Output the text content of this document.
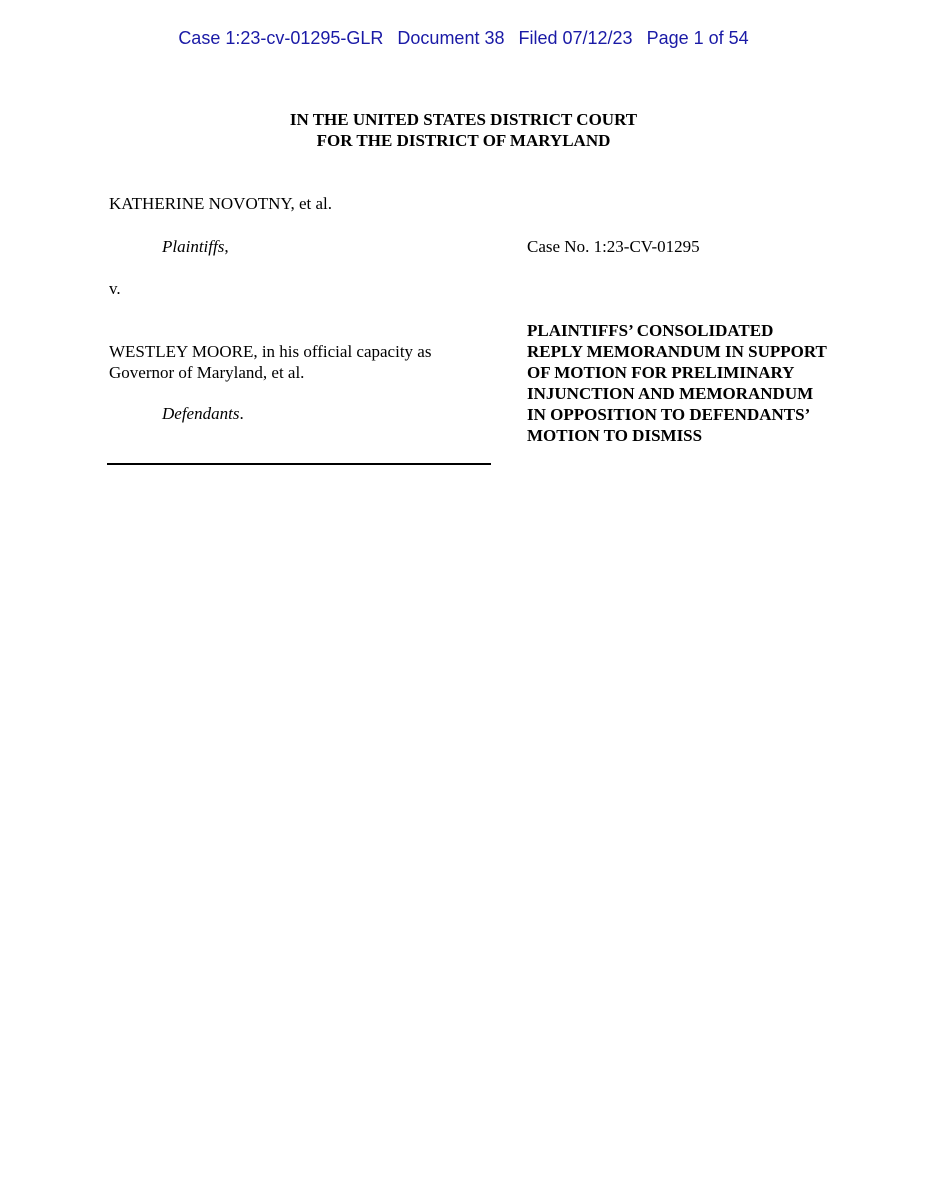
Case 1:23-cv-01295-GLR Document 38 Filed 07/12/23 Page 1 of 54
IN THE UNITED STATES DISTRICT COURT
FOR THE DISTRICT OF MARYLAND
KATHERINE NOVOTNY, et al.
Plaintiffs,
v.
WESTLEY MOORE, in his official capacity as
Governor of Maryland, et al.
Defendants.
Case No. 1:23-CV-01295
PLAINTIFFS’ CONSOLIDATED
REPLY MEMORANDUM IN SUPPORT
OF MOTION FOR PRELIMINARY
INJUNCTION AND MEMORANDUM
IN OPPOSITION TO DEFENDANTS’
MOTION TO DISMISS
